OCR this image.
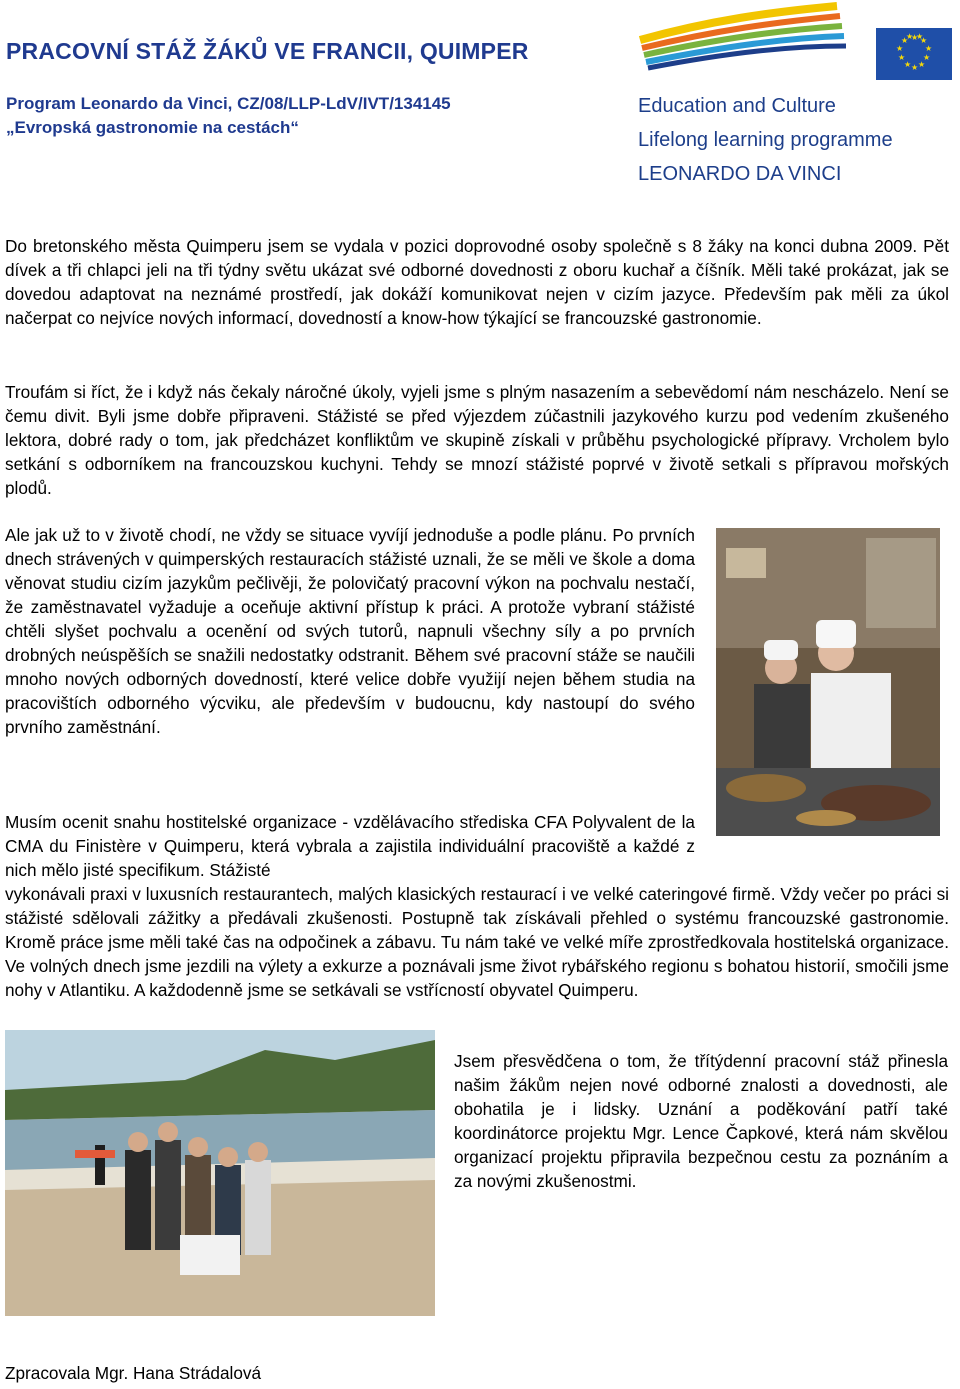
PRACOVNÍ STÁŽ ŽÁKŮ VE FRANCII, QUIMPER
Program Leonardo da Vinci, CZ/08/LLP-LdV/IVT/134145
„Evropská gastronomie na cestách“
★ ★
★
★
★
★
★
★
★
★
★ ★
Education and Culture
Lifelong learning programme
LEONARDO DA VINCI
Do bretonského města Quimperu jsem se vydala v pozici doprovodné osoby společně s 8 žáky na konci dubna 2009. Pět dívek a tři chlapci jeli na tři týdny světu ukázat své odborné dovednosti z oboru kuchař a číšník. Měli také prokázat, jak se dovedou adaptovat na neznámé prostředí, jak dokáží komunikovat nejen v cizím jazyce. Především pak měli za úkol načerpat co nejvíce nových informací, dovedností a know-how týkající se francouzské gastronomie.
Troufám si říct, že i když nás čekaly náročné úkoly, vyjeli jsme s plným nasazením a sebevědomí nám nescházelo. Není se čemu divit. Byli jsme dobře připraveni. Stážisté se před výjezdem zúčastnili jazykového kurzu pod vedením zkušeného lektora, dobré rady o tom, jak předcházet konfliktům ve skupině získali v průběhu psychologické přípravy. Vrcholem bylo setkání s odborníkem na francouzskou kuchyni. Tehdy se mnozí stážisté poprvé v životě setkali s přípravou mořských plodů.
Ale jak už to v životě chodí, ne vždy se situace vyvíjí jednoduše a podle plánu. Po prvních dnech strávených v quimperských restauracích stážisté uznali, že se měli ve škole a doma věnovat studiu cizím jazykům pečlivěji, že polovičatý pracovní výkon na pochvalu nestačí, že zaměstnavatel vyžaduje a oceňuje aktivní přístup k práci. A protože vybraní stážisté chtěli slyšet pochvalu a ocenění od svých tutorů, napnuli všechny síly a po prvních drobných neúspěších se snažili nedostatky odstranit. Během své pracovní stáže se naučili mnoho nových odborných dovedností, které velice dobře využijí nejen během studia na pracovištích odborného výcviku, ale především v budoucnu, kdy nastoupí do svého prvního zaměstnání.
Musím ocenit snahu hostitelské organizace - vzdělávacího střediska CFA Polyvalent de la CMA du Finistère v Quimperu, která vybrala a zajistila individuální pracoviště a každé z nich mělo jisté specifikum. Stážisté
vykonávali praxi v luxusních restaurantech, malých klasických restaurací i ve velké cateringové firmě. Vždy večer po práci si stážisté sdělovali zážitky a předávali zkušenosti. Postupně tak získávali přehled o systému francouzské gastronomie. Kromě práce jsme měli také čas na odpočinek a zábavu. Tu nám také ve velké míře zprostředkovala hostitelská organizace. Ve volných dnech jsme jezdili na výlety a exkurze a poznávali jsme život rybářského regionu s bohatou historií, smočili jsme nohy v Atlantiku. A každodenně jsme se setkávali se vstřícností obyvatel Quimperu.
Jsem přesvědčena o tom, že třítýdenní pracovní stáž přinesla našim žákům nejen nové odborné znalosti a dovednosti, ale obohatila je i lidsky. Uznání a poděkování patří také koordinátorce projektu Mgr. Lence Čapkové, která nám skvělou organizací projektu připravila bezpečnou cestu za poznáním a za novými zkušenostmi.
Zpracovala Mgr. Hana Strádalová
